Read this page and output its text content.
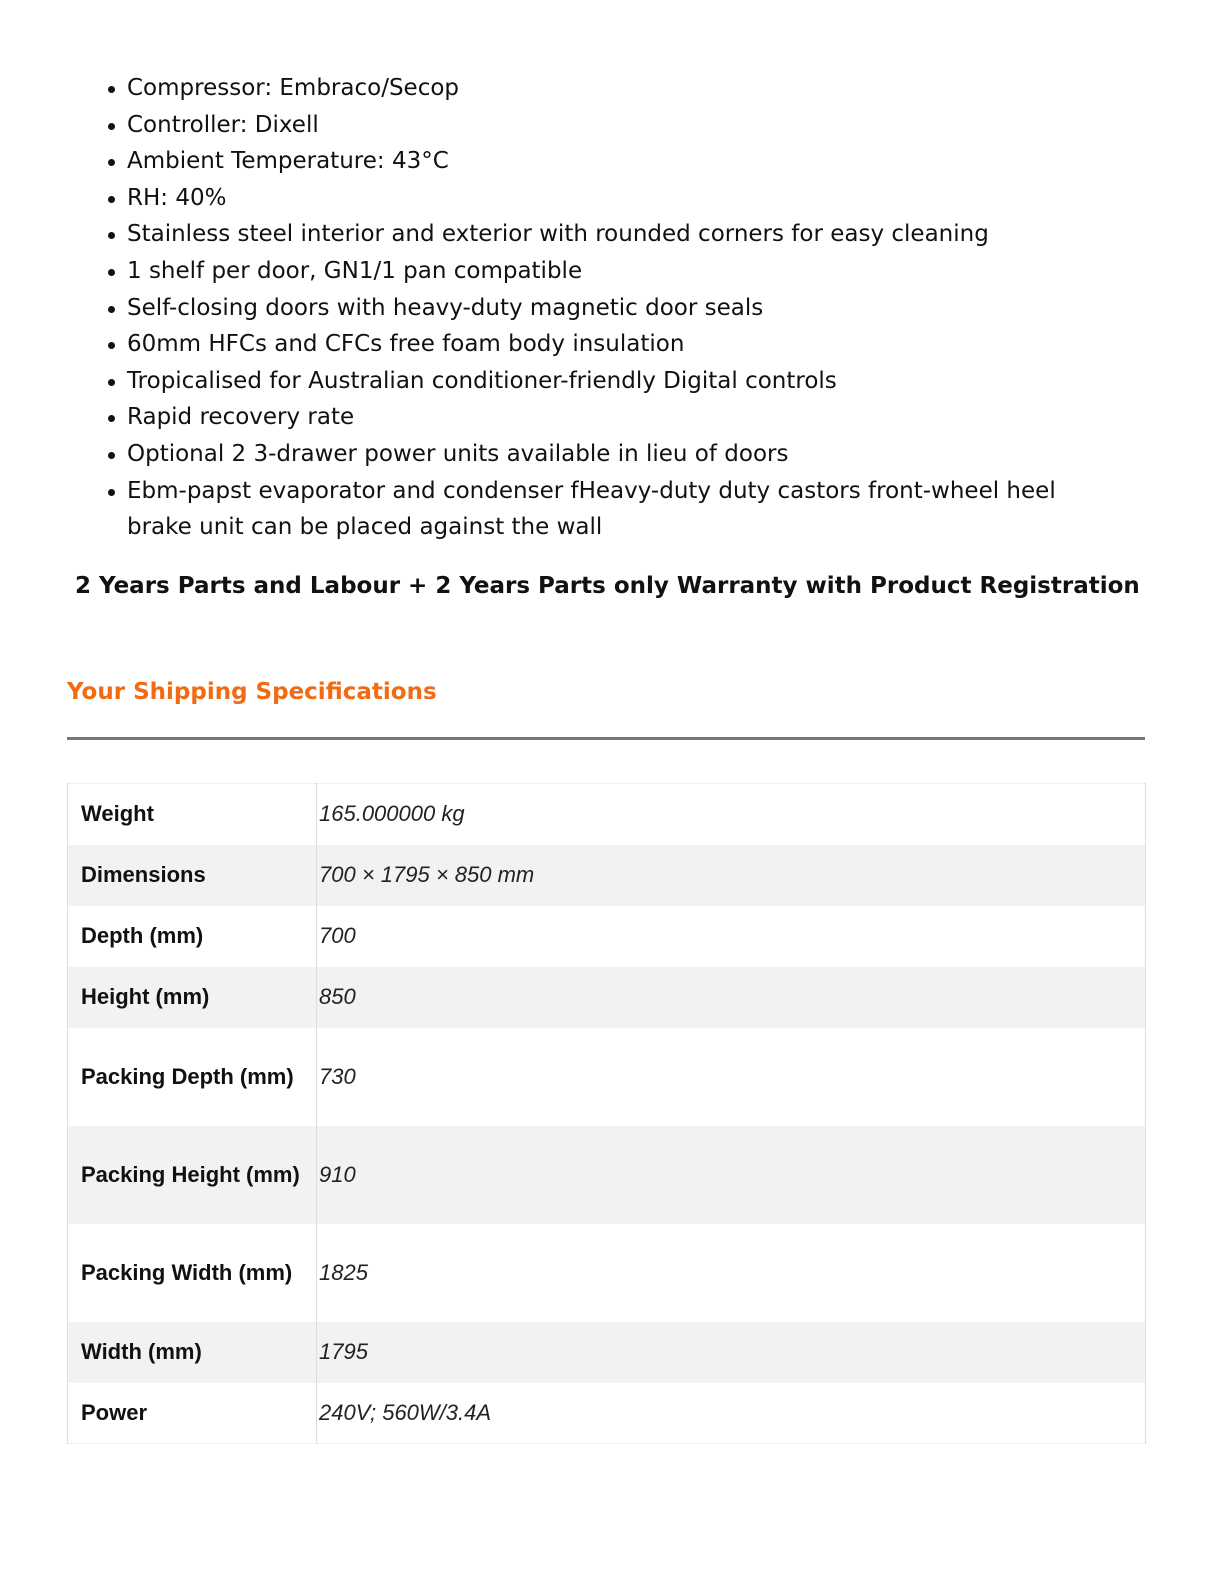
Compressor: Embraco/Secop
Controller: Dixell
Ambient Temperature: 43°C
RH: 40%
Stainless steel interior and exterior with rounded corners for easy cleaning
1 shelf per door, GN1/1 pan compatible
Self-closing doors with heavy-duty magnetic door seals
60mm HFCs and CFCs free foam body insulation
Tropicalised for Australian conditioner-friendly Digital controls
Rapid recovery rate
Optional 2 3-drawer power units available in lieu of doors
Ebm-papst evaporator and condenser fHeavy-duty duty castors front-wheel heel brake unit can be placed against the wall

2 Years Parts and Labour + 2 Years Parts only Warranty with Product Registration

Your Shipping Specifications
Weight	165.000000 kg
Dimensions	700 × 1795 × 850 mm
Depth (mm)	700
Height (mm)	850
Packing Depth (mm)	730
Packing Height (mm)	910
Packing Width (mm)	1825
Width (mm)	1795
Power	240V; 560W/3.4A
